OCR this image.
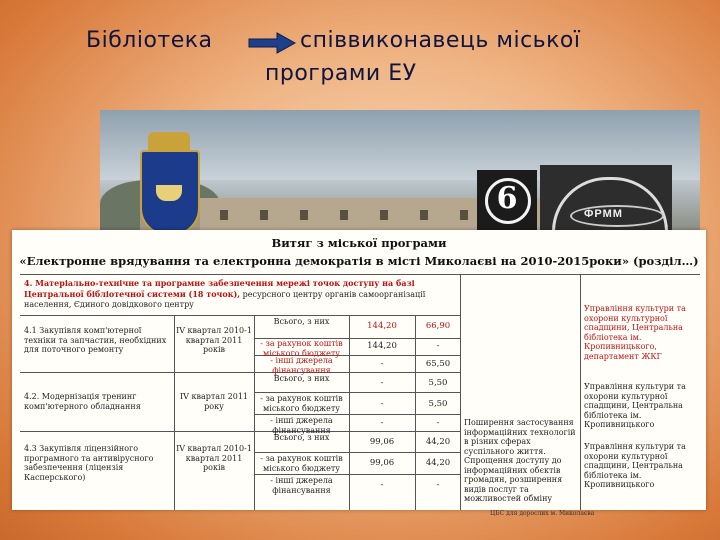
Бібліотека	співвиконавець міської
програми ЕУ
6	ФРММ
Витяг з міської програми
«Електронне врядування та електронна демократія в місті Миколаєві на 2010-2015роки» (розділ…)
4. Матеріально-технічне та програмне забезпечення мережі точок доступу на базі Центральної бібліотечної системи (18 точок), ресурсного центру органів самоорганізації населення, Єдиного довідкового центру
4.1 Закупівля комп'ютерної техніки та запчастин, необхідних для поточного ремонту
IV квартал 2010-1 квартал 2011 років
Всього, з них
- за рахунок коштів міського бюджету
- інші джерела фінансування
144,20
144,20
-
66,90
-
65,50
Управління культури та охорони культурної спадщини, Центральна бібліотека ім. Кропивницького, департамент ЖКГ
4.2. Модернізація тренинг комп'ютерного обладнання
IV квартал 2011 року
Всього, з них
- за рахунок коштів міського бюджету
- інші джерела фінансування
-
-
-
5,50
5,50
-
Управління культури та охорони культурної спадщини, Центральна бібліотека ім. Кропивницького
4.3 Закупівля ліцензійного програмного та антивірусного забезпечення (ліцензія Касперського)
IV квартал 2010-1 квартал 2011 років
Всього, з них
- за рахунок коштів міського бюджету
- інші джерела фінансування
99,06
99,06
-
44,20
44,20
-
Управління культури та охорони культурної спадщини, Центральна бібліотека ім. Кропивницького
Поширення застосування інформаційних технологій в різних сферах суспільного життя. Спрощення доступу до інформаційних обєктів громадян, розширення видів послуг та можливостей обміну
ЦБС для дорослих м. Миколаєва
